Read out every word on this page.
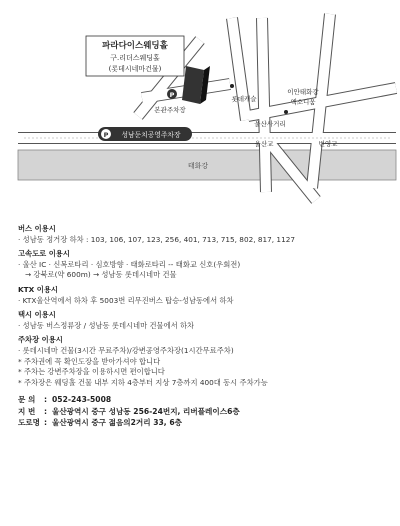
태화강
파라다이스웨딩홀
구.리더스웨딩홀
(롯데시네마건물)
P
본관주차장
롯데캐슬
이안태화강
엑소디움
울산사거리
울산교	번영교
P 성남둔치공영주차장
버스 이용시
· 성남동 정거장 하차 : 103, 106, 107, 123, 256, 401, 713, 715, 802, 817, 1127
고속도로 이용시
· 울산 IC · 신복로타리 · 심호방향 · 태화로타리 -- 태화교 신호(우회전)
→ 강북로(약 600m) → 성남동 롯데시네마 건물
KTX 이용시
· KTX울산역에서 하차 후 5003번 리무진버스 탑승-성남동에서 하차
택시 이용시
· 성남동 버스정류장 / 성남동 롯데시네마 건물에서 하차
주차장 이용시
· 롯데시네마 건물(3시간 무료주차)/강변공영주차장(1시간무료주차)
* 주차권에 꼭 확인도장을 받아가셔야 합니다
* 주차는 강변주차장을 이용하시면 편이합니다
* 주차장은 웨딩홀 건물 내부 지하 4층부터 지상 7층까지 400대 동시 주차가능
문 의	: 052-243-5008
지 번	: 울산광역시 중구 성남동 256-24번지, 리버플레이스6층
도로명 : 울산광역시 중구 젊음의2거리 33, 6층
